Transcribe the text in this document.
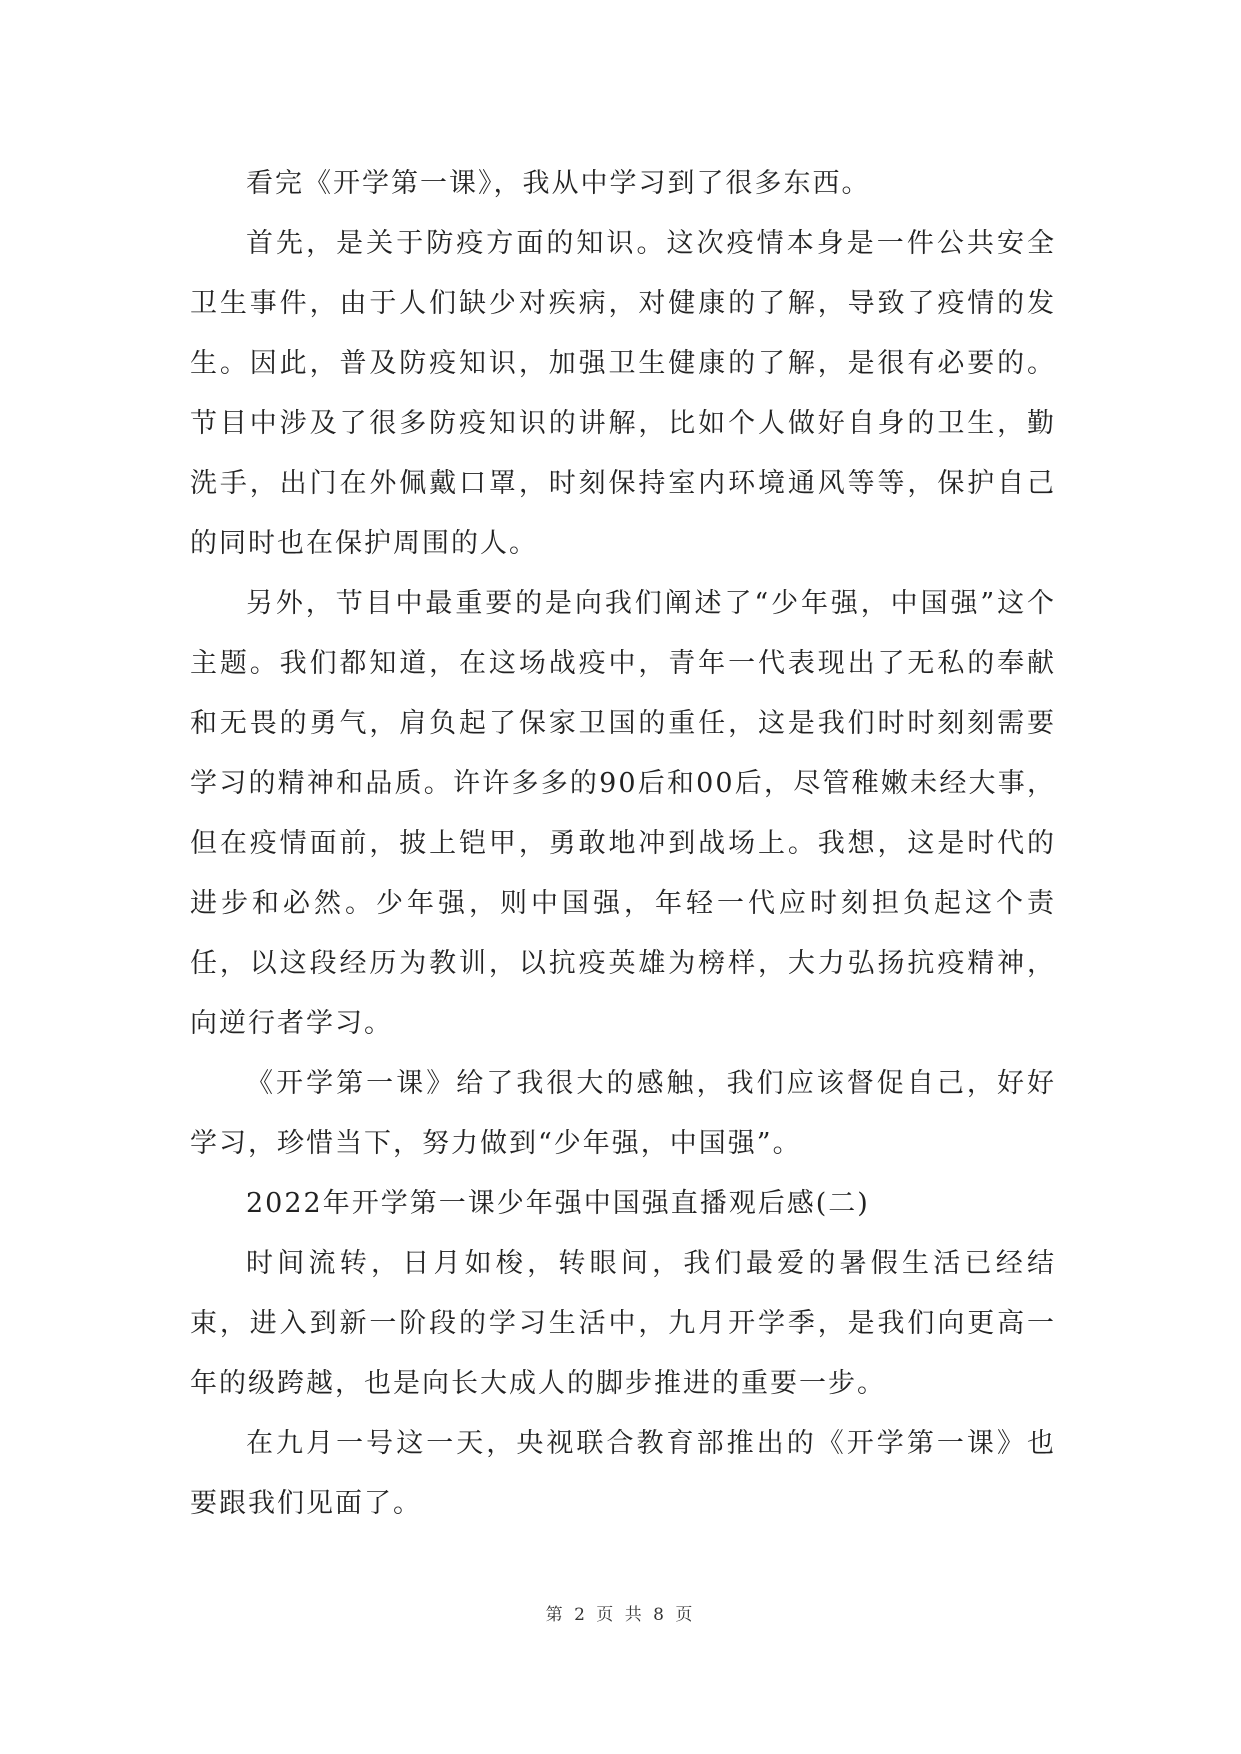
看完《开学第一课》，我从中学习到了很多东西。

首先，是关于防疫方面的知识。这次疫情本身是一件公共安全卫生事件，由于人们缺少对疾病，对健康的了解，导致了疫情的发生。因此，普及防疫知识，加强卫生健康的了解，是很有必要的。节目中涉及了很多防疫知识的讲解，比如个人做好自身的卫生，勤洗手，出门在外佩戴口罩，时刻保持室内环境通风等等，保护自己的同时也在保护周围的人。

另外，节目中最重要的是向我们阐述了“少年强，中国强”这个主题。我们都知道，在这场战疫中，青年一代表现出了无私的奉献和无畏的勇气，肩负起了保家卫国的重任，这是我们时时刻刻需要学习的精神和品质。许许多多的90后和00后，尽管稚嫩未经大事，但在疫情面前，披上铠甲，勇敢地冲到战场上。我想，这是时代的进步和必然。少年强，则中国强，年轻一代应时刻担负起这个责任，以这段经历为教训，以抗疫英雄为榜样，大力弘扬抗疫精神，向逆行者学习。

《开学第一课》给了我很大的感触，我们应该督促自己，好好学习，珍惜当下，努力做到“少年强，中国强”。

2022年开学第一课少年强中国强直播观后感(二)

时间流转，日月如梭，转眼间，我们最爱的暑假生活已经结束，进入到新一阶段的学习生活中，九月开学季，是我们向更高一年的级跨越，也是向长大成人的脚步推进的重要一步。

在九月一号这一天，央视联合教育部推出的《开学第一课》也要跟我们见面了。

第 2 页 共 8 页
